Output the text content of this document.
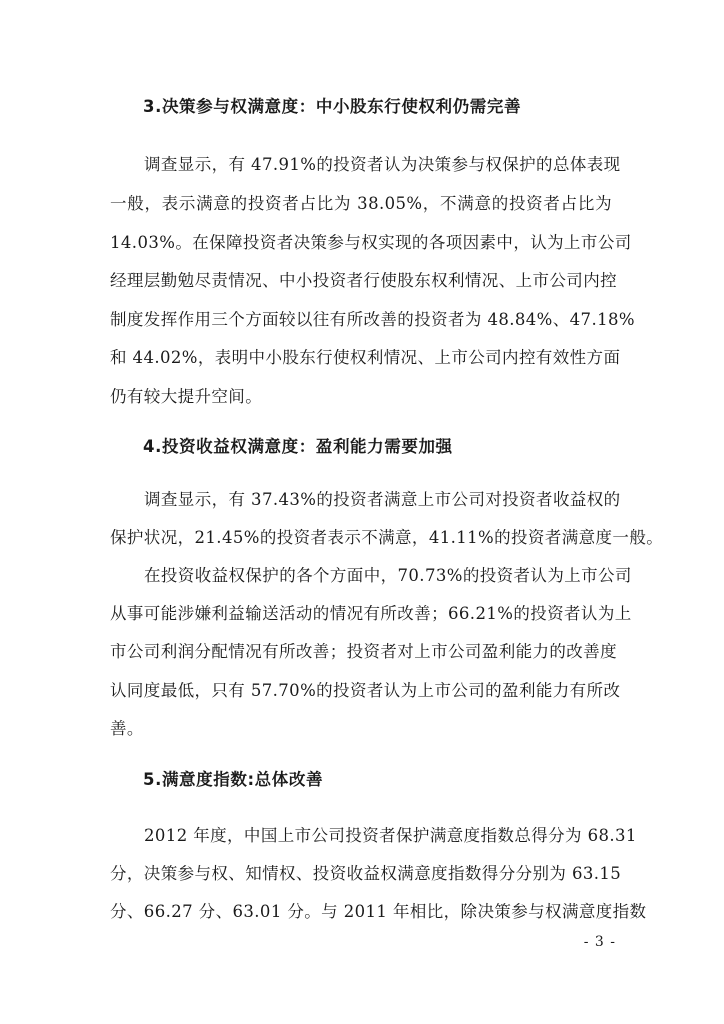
3.决策参与权满意度：中小股东行使权利仍需完善
调查显示，有 47.91%的投资者认为决策参与权保护的总体表现
一般，表示满意的投资者占比为 38.05%，不满意的投资者占比为
14.03%。在保障投资者决策参与权实现的各项因素中，认为上市公司
经理层勤勉尽责情况、中小投资者行使股东权利情况、上市公司内控
制度发挥作用三个方面较以往有所改善的投资者为 48.84%、47.18%
和 44.02%，表明中小股东行使权利情况、上市公司内控有效性方面
仍有较大提升空间。
4.投资收益权满意度：盈利能力需要加强
调查显示，有 37.43%的投资者满意上市公司对投资者收益权的
保护状况，21.45%的投资者表示不满意，41.11%的投资者满意度一般。
在投资收益权保护的各个方面中，70.73%的投资者认为上市公司
从事可能涉嫌利益输送活动的情况有所改善；66.21%的投资者认为上
市公司利润分配情况有所改善；投资者对上市公司盈利能力的改善度
认同度最低，只有 57.70%的投资者认为上市公司的盈利能力有所改
善。
5.满意度指数:总体改善
2012 年度，中国上市公司投资者保护满意度指数总得分为 68.31
分，决策参与权、知情权、投资收益权满意度指数得分分别为 63.15
分、66.27 分、63.01 分。与 2011 年相比，除决策参与权满意度指数
- 3 -
